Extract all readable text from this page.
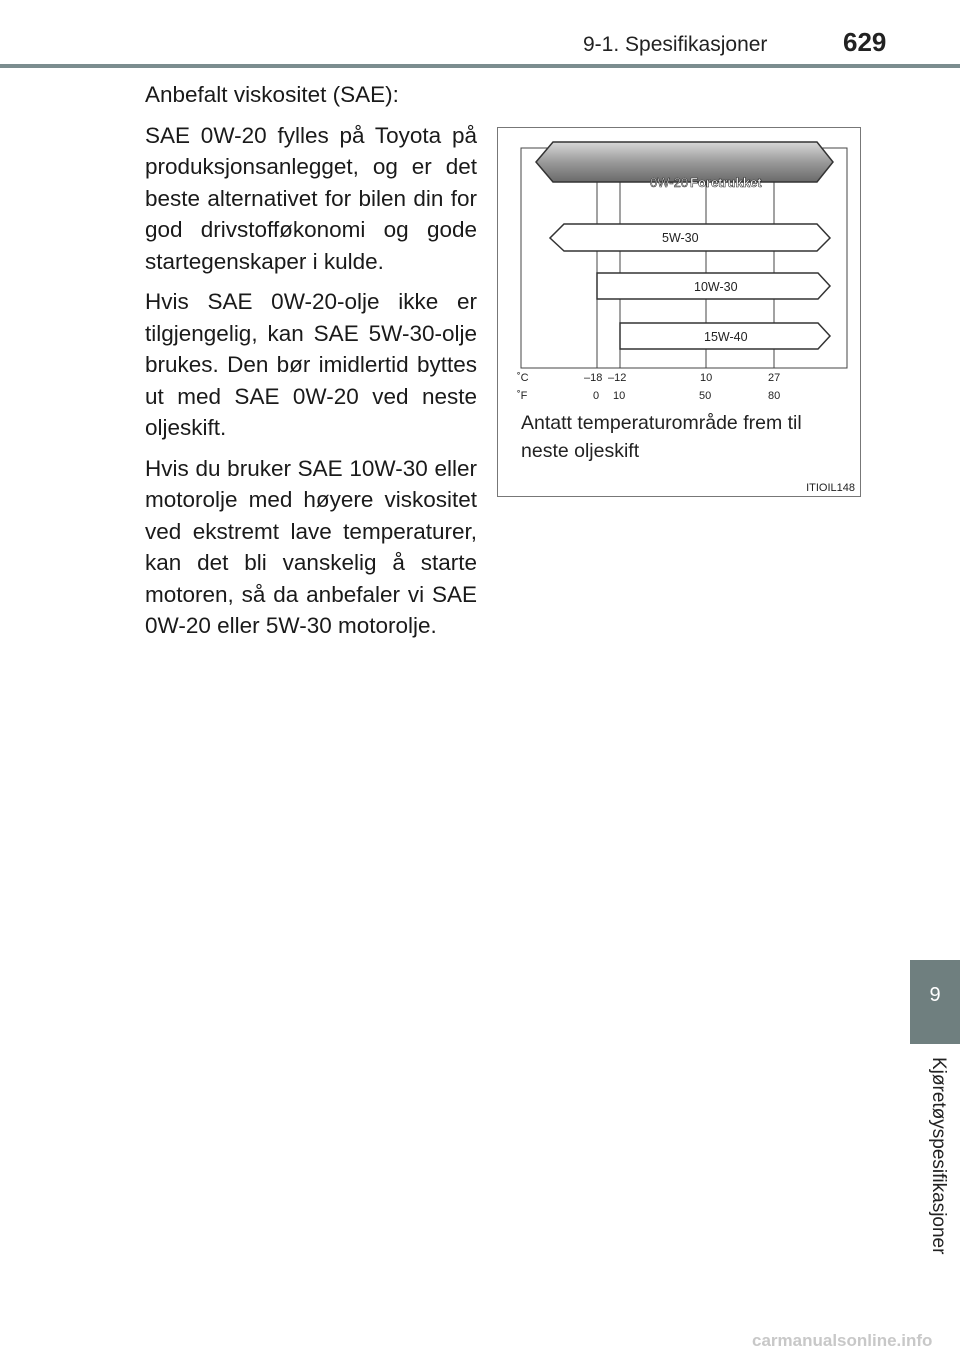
9-1. Spesifikasjoner	629
9
Kjøretøyspesifikasjoner

Anbefalt viskositet (SAE):

SAE 0W-20 fylles på Toyota på produksjonsanlegget, og er det beste alternativet for bilen din for god drivstofføkonomi og gode startegenskaper i kulde.

Hvis SAE 0W-20-olje ikke er tilgjengelig, kan SAE 5W-30-olje brukes. Den bør imidlertid byttes ut med SAE 0W-20 ved neste oljeskift.

Hvis du bruker SAE 10W-30 eller motorolje med høyere viskositet ved ekstremt lave temperaturer, kan det bli vanskelig å starte motoren, så da anbefaler vi SAE 0W-20 eller 5W-30 motorolje.

0W-20 Foretrukket
5W-30
10W-30
15W-40
˚C
˚F
–18 –12	10	27
0 10	50	80
Antatt temperaturområde frem til neste oljeskift
ITIOIL148
carmanualsonline.info
